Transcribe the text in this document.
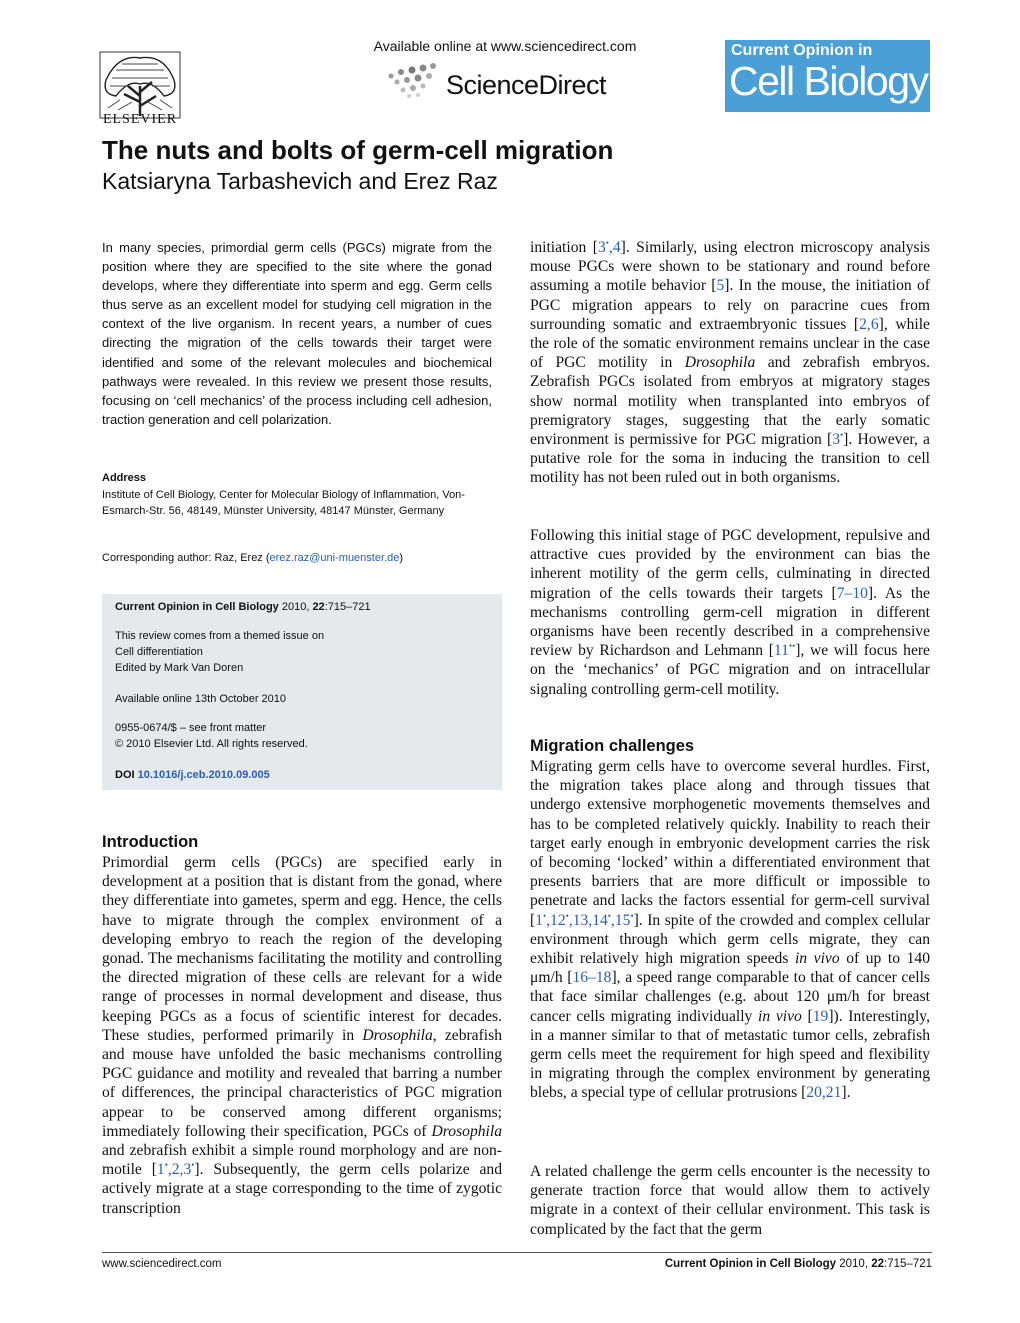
ELSEVIER
Available online at www.sciencedirect.com
ScienceDirect
Current Opinion in
Cell Biology
The nuts and bolts of germ-cell migration
Katsiaryna Tarbashevich and Erez Raz
In many species, primordial germ cells (PGCs) migrate from the position where they are specified to the site where the gonad develops, where they differentiate into sperm and egg. Germ cells thus serve as an excellent model for studying cell migration in the context of the live organism. In recent years, a number of cues directing the migration of the cells towards their target were identified and some of the relevant molecules and biochemical pathways were revealed. In this review we present those results, focusing on ‘cell mechanics’ of the process including cell adhesion, traction generation and cell polarization.
Address
Institute of Cell Biology, Center for Molecular Biology of Inflammation, Von-Esmarch-Str. 56, 48149, Münster University, 48147 Münster, Germany
Corresponding author: Raz, Erez (erez.raz@uni-muenster.de)
Current Opinion in Cell Biology 2010, 22:715–721
This review comes from a themed issue on
Cell differentiation
Edited by Mark Van Doren
Available online 13th October 2010
0955-0674/$ – see front matter
© 2010 Elsevier Ltd. All rights reserved.
DOI 10.1016/j.ceb.2010.09.005
Introduction

Primordial germ cells (PGCs) are specified early in development at a position that is distant from the gonad, where they differentiate into gametes, sperm and egg. Hence, the cells have to migrate through the complex environment of a developing embryo to reach the region of the developing gonad. The mechanisms facilitating the motility and controlling the directed migration of these cells are relevant for a wide range of processes in normal development and disease, thus keeping PGCs as a focus of scientific interest for decades. These studies, performed primarily in Drosophila, zebrafish and mouse have unfolded the basic mechanisms controlling PGC guidance and motility and revealed that barring a number of differences, the principal characteristics of PGC migration appear to be conserved among different organisms; immediately following their specification, PGCs of Drosophila and zebrafish exhibit a simple round morphology and are non-motile [1•,2,3•]. Subsequently, the germ cells polarize and actively migrate at a stage corresponding to the time of zygotic transcription

initiation [3•,4]. Similarly, using electron microscopy analysis mouse PGCs were shown to be stationary and round before assuming a motile behavior [5]. In the mouse, the initiation of PGC migration appears to rely on paracrine cues from surrounding somatic and extraembryonic tissues [2,6], while the role of the somatic environment remains unclear in the case of PGC motility in Drosophila and zebrafish embryos. Zebrafish PGCs isolated from embryos at migratory stages show normal motility when transplanted into embryos of premigratory stages, suggesting that the early somatic environment is permissive for PGC migration [3•]. However, a putative role for the soma in inducing the transition to cell motility has not been ruled out in both organisms.

Following this initial stage of PGC development, repulsive and attractive cues provided by the environment can bias the inherent motility of the germ cells, culminating in directed migration of the cells towards their targets [7–10]. As the mechanisms controlling germ-cell migration in different organisms have been recently described in a comprehensive review by Richardson and Lehmann [11••], we will focus here on the ‘mechanics’ of PGC migration and on intracellular signaling controlling germ-cell motility.

Migration challenges

Migrating germ cells have to overcome several hurdles. First, the migration takes place along and through tissues that undergo extensive morphogenetic movements themselves and has to be completed relatively quickly. Inability to reach their target early enough in embryonic development carries the risk of becoming ‘locked’ within a differentiated environment that presents barriers that are more difficult or impossible to penetrate and lacks the factors essential for germ-cell survival [1•,12•,13,14•,15•]. In spite of the crowded and complex cellular environment through which germ cells migrate, they can exhibit relatively high migration speeds in vivo of up to 140 μm/h [16–18], a speed range comparable to that of cancer cells that face similar challenges (e.g. about 120 μm/h for breast cancer cells migrating individually in vivo [19]). Interestingly, in a manner similar to that of metastatic tumor cells, zebrafish germ cells meet the requirement for high speed and flexibility in migrating through the complex environment by generating blebs, a special type of cellular protrusions [20,21].

A related challenge the germ cells encounter is the necessity to generate traction force that would allow them to actively migrate in a context of their cellular environment. This task is complicated by the fact that the germ

www.sciencedirect.com	Current Opinion in Cell Biology 2010, 22:715–721
